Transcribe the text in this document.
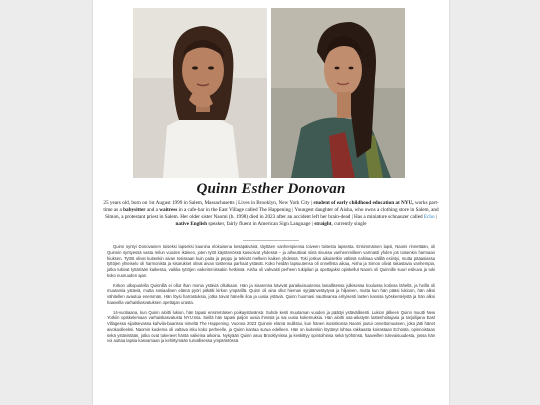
Quinn Esther Donovan
25 years old, born on 1st August 1999 in Salem, Massachusetts | Lives in Brooklyn, New York City | student of early childhood education at NYU, works part-time as a babysitter and a waitress in a cafe-bar in the East Village called The Happening | Youngest daughter of Aisha, who owns a clothing store in Salem, and Simon, a protestant priest in Salem. Her older sister Naomi (b. 1998) died in 2023 after an accident left her brain-dead | Has a miniature schnauzer called Echo | native English speaker, fairly fluent in American Sign Language | straight, currently single

Quinn syntyi Donovanien toiseksi lapseksi kaunina elokuisena kesäpäivänä, täyttäen vanhempiensa toiveen toisesta lapsesta. Ensimmäinen lapsi, Naomi rinnettään, oli Quinnin syntyessä vasta reilun vuoden ikäinen, joten tytöt käytännössä kasvoivat yhdessä – ja aiheuttivat siinä sivussa vanhemmilleen varmasti yhden jos toisenkin harmaan hiuksen. Tyttöt olivat kuitenkin aivan tosissaan kuin paita ja peppu ja tekivät melkein kaiken yhdessä. Toki joskus aikuisetkin välissä nahisaa välillä esiintyi, mutta pääasiassa tyttöjen yhteiselo oli harmonista ja sisarukset olivat aivan toistensa parhaat ystävät. Koko heidän lapsuutensa oli onnellista aikaa, Aisha ja Simon olivat rakastavia vanhempia, jotka tukivat tyttäriään kaikessa, vaikka tyttöjen vaikeimmissakin hetkissä. Aisha oli vahvasti perheen tukipilari ja opettajaksi opiskellut Naomi oli Quinnille suuri esikuva ja tuki koko nuoruuden ajan.

Kirkon ulkopuolella Quinnillä ei ollut ihan monia ystäviä ollutkaan. Hän ja sisarensa kävivät paraikuisuutensa lasiallisessa julkisessa koulussa kotinsa lähellä, ja heillä oli muutamia ystäviä, mutta sosiaalinen elämä pyöri pitkälti kirkon ympärillä. Quinn oli aina ollut hieman syrjäänvetäytyvä ja hiljainen, mutta kun hän pääsi lukioon, hän alkoi vähitellen avautua enemmän. Hän löysi harrastuksia, jotka toivat hänelle iloa ja uusia ystäviä. Quinn huomasi nauttivansa erityisesti lasten kanssa työskentelystä ja hän alkoi haaveilla varhaiskasvatuksen opettajan urasta.

14-vuotiaana, kun Quinn aloitti lukion, hän tapasi ensimmäisen poikaystävänsä. Suhde kesti muutaman vuoden ja päättyi ystävällisesti. Lukion jälkeen Quinn muutti New Yorkiin opiskelemaan varhaiskasvatusta NYU:ssa. Siellä hän tapasi paljon uusia ihmisiä ja sai uusia kokemuksia. Hän aloitti osa-aikatyön lastenhoitajana ja tarjoilijana East Villagessa sijaitsevassa kahvila-baarissa nimeltä The Happening. Vuonna 2023 Quinnin elämä mullistui, kun hänen isosiskonsa Naomi joutui onnettomuuteen, joka jätti hänet aivokuolleeksi. Naomin kuolema oli valtava isku koko perheelle, ja Quinn kantaa surua edelleen. Hän on kuitenkin löytänyt lohtua rakkaasta koirastaan Echosta, opinnoistaan sekä ystävistään, jotka ovat tukeneet häntä vaikeina aikoina. Nykyään Quinn asuu Brooklynissa ja keskittyy opintoihinsa sekä työhönsä, haaveillen tulevaisuudesta, jossa hän voi auttaa lapsia kasvamaan ja kehittymään turvallisessa ympäristössä.
